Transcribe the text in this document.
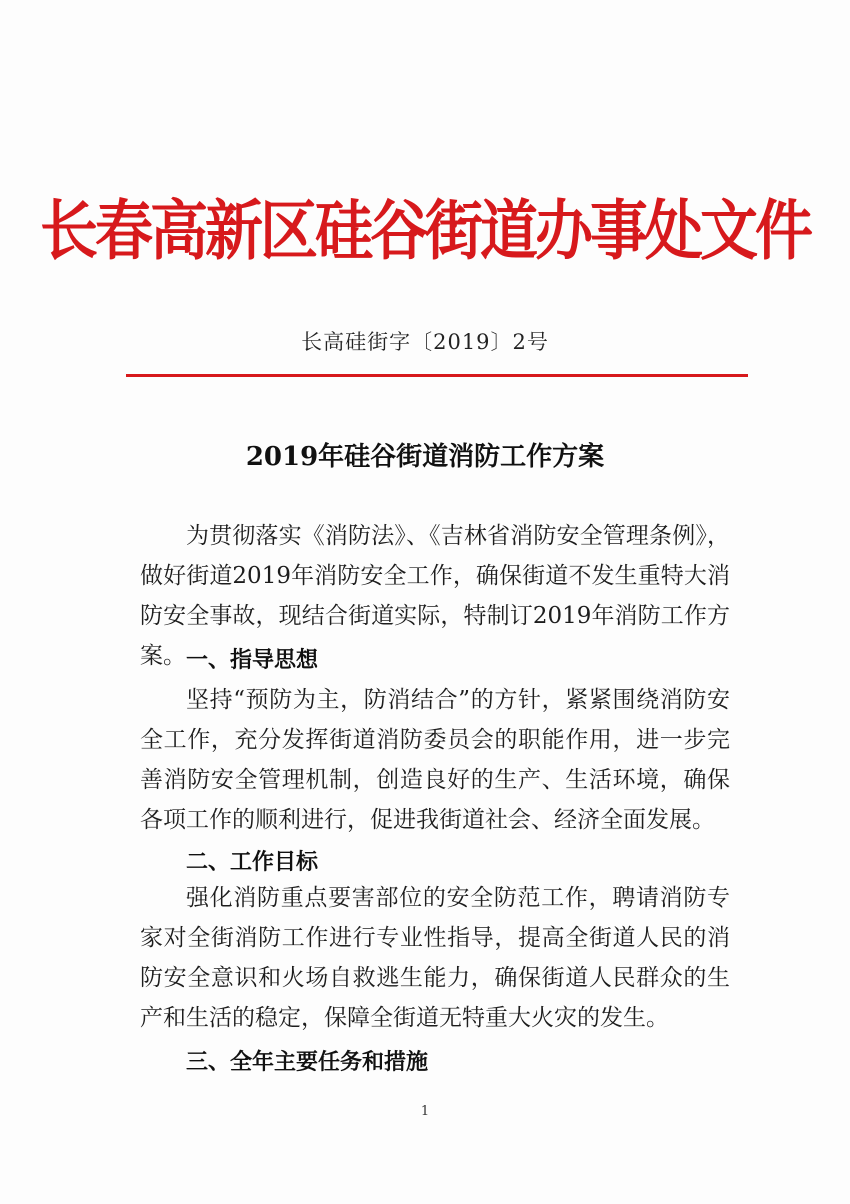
长春高新区硅谷街道办事处文件
长高硅街字〔2019〕2号
2019年硅谷街道消防工作方案
为贯彻落实《消防法》、《吉林省消防安全管理条例》，做好街道2019年消防安全工作，确保街道不发生重特大消防安全事故，现结合街道实际，特制订2019年消防工作方案。 一、指导思想
坚持“预防为主，防消结合”的方针，紧紧围绕消防安全工作，充分发挥街道消防委员会的职能作用，进一步完善消防安全管理机制，创造良好的生产、生活环境，确保各项工作的顺利进行，促进我街道社会、经济全面发展。
二、工作目标
强化消防重点要害部位的安全防范工作，聘请消防专家对全街消防工作进行专业性指导，提高全街道人民的消防安全意识和火场自救逃生能力，确保街道人民群众的生产和生活的稳定，保障全街道无特重大火灾的发生。
三、全年主要任务和措施
1
